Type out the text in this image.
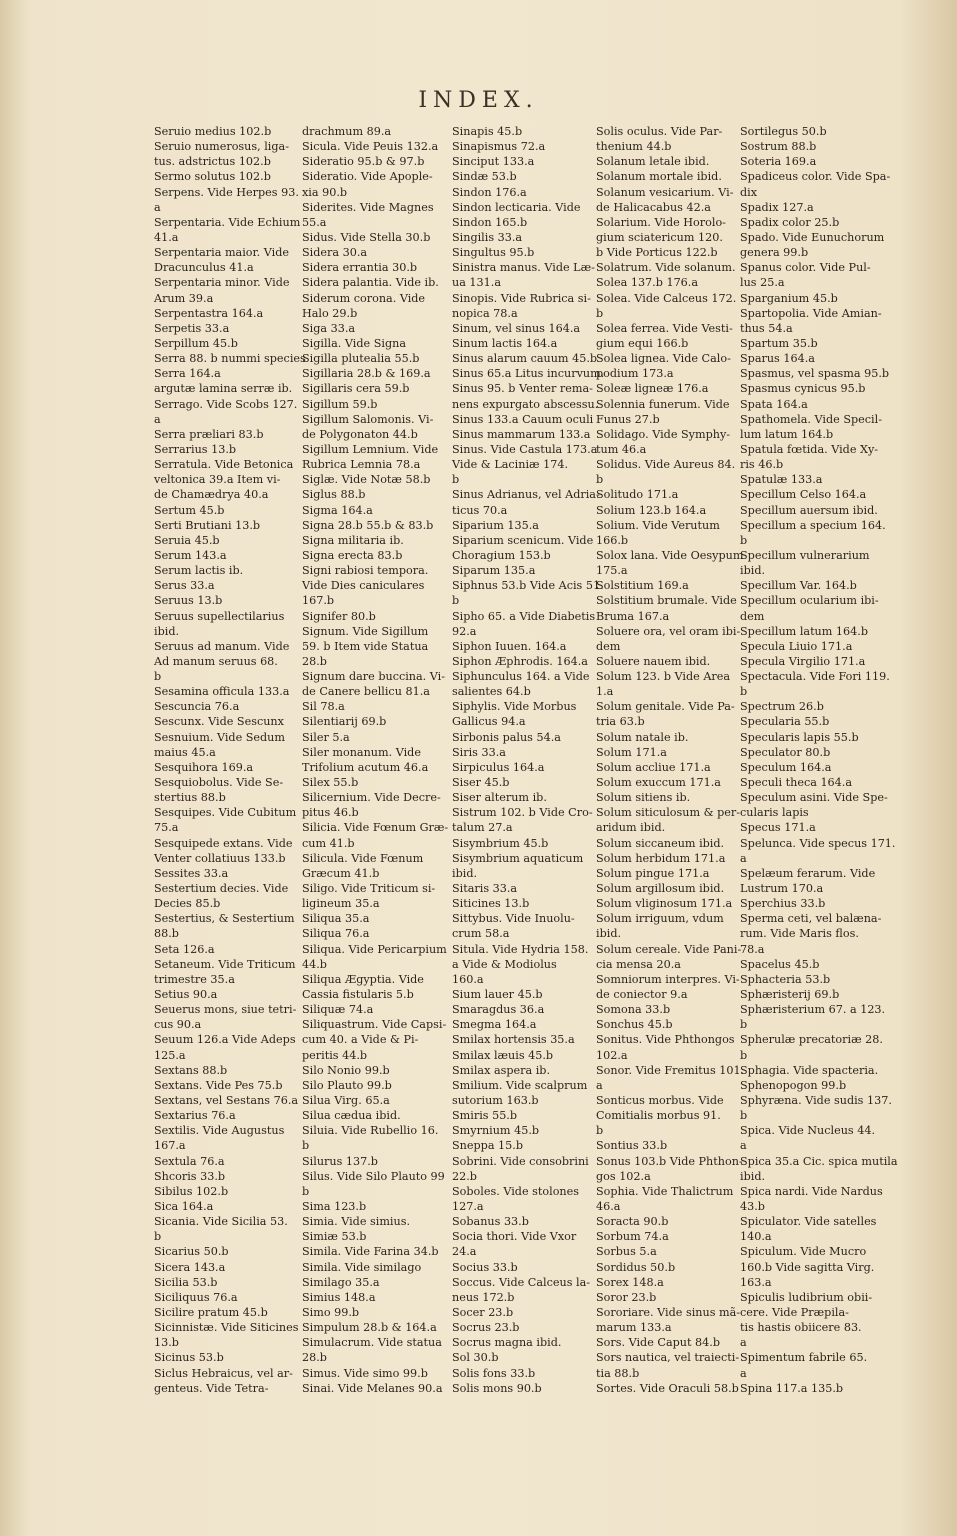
INDEX.
Seruio medius 102.b
Seruio numerosus, liga-
tus. adstrictus 102.b
Sermo solutus 102.b
Serpens. Vide Herpes 93.
a
Serpentaria. Vide Echium
41.a
Serpentaria maior. Vide
Dracunculus 41.a
Serpentaria minor. Vide
Arum 39.a
Serpentastra 164.a
Serpetis 33.a
Serpillum 45.b
Serra 88. b nummi species
Serra 164.a
argutæ lamina serræ ib.
Serrago. Vide Scobs 127.
a
Serra præliari 83.b
Serrarius 13.b
Serratula. Vide Betonica
veltonica 39.a Item vi-
de Chamædrya 40.a
Sertum 45.b
Serti Brutiani 13.b
Seruia 45.b
Serum 143.a
Serum lactis ib.
Serus 33.a
Seruus 13.b
Seruus supellectilarius
ibid.
Seruus ad manum. Vide
Ad manum seruus 68.
b
Sesamina officula 133.a
Sescuncia 76.a
Sescunx. Vide Sescunx
Sesnuium. Vide Sedum
maius 45.a
Sesquihora 169.a
Sesquiobolus. Vide Se-
stertius 88.b
Sesquipes. Vide Cubitum
75.a
Sesquipede extans. Vide
Venter collatiuus 133.b
Sessites 33.a
Sestertium decies. Vide
Decies 85.b
Sestertius, & Sestertium
88.b
Seta 126.a
Setaneum. Vide Triticum
trimestre 35.a
Setius 90.a
Seuerus mons, siue tetri-
cus 90.a
Seuum 126.a Vide Adeps
125.a
Sextans 88.b
Sextans. Vide Pes 75.b
Sextans, vel Sestans 76.a
Sextarius 76.a
Sextilis. Vide Augustus
167.a
Sextula 76.a
Shcoris 33.b
Sibilus 102.b
Sica 164.a
Sicania. Vide Sicilia 53.
b
Sicarius 50.b
Sicera 143.a
Sicilia 53.b
Siciliquus 76.a
Sicilire pratum 45.b
Sicinnistæ. Vide Siticines
13.b
Sicinus 53.b
Siclus Hebraicus, vel ar-
genteus. Vide Tetra-
drachmum 89.a
Sicula. Vide Peuis 132.a
Sideratio 95.b & 97.b
Sideratio. Vide Apople-
xia 90.b
Siderites. Vide Magnes
55.a
Sidus. Vide Stella 30.b
Sidera 30.a
Sidera errantia 30.b
Sidera palantia. Vide ib.
Siderum corona. Vide
Halo 29.b
Siga 33.a
Sigilla. Vide Signa
Sigilla plutealia 55.b
Sigillaria 28.b & 169.a
Sigillaris cera 59.b
Sigillum 59.b
Sigillum Salomonis. Vi-
de Polygonaton 44.b
Sigillum Lemnium. Vide
Rubrica Lemnia 78.a
Siglæ. Vide Notæ 58.b
Siglus 88.b
Sigma 164.a
Signa 28.b 55.b & 83.b
Signa militaria ib.
Signa erecta 83.b
Signi rabiosi tempora.
Vide Dies caniculares
167.b
Signifer 80.b
Signum. Vide Sigillum
59. b Item vide Statua
28.b
Signum dare buccina. Vi-
de Canere bellicu 81.a
Sil 78.a
Silentiarij 69.b
Siler 5.a
Siler monanum. Vide
Trifolium acutum 46.a
Silex 55.b
Silicernium. Vide Decre-
pitus 46.b
Silicia. Vide Fœnum Græ-
cum 41.b
Silicula. Vide Fœnum
Græcum 41.b
Siligo. Vide Triticum si-
ligineum 35.a
Siliqua 35.a
Siliqua 76.a
Siliqua. Vide Pericarpium
44.b
Siliqua Ægyptia. Vide
Cassia fistularis 5.b
Siliquæ 74.a
Siliquastrum. Vide Capsi-
cum 40. a Vide & Pi-
peritis 44.b
Silo Nonio 99.b
Silo Plauto 99.b
Silua Virg. 65.a
Silua cædua ibid.
Siluia. Vide Rubellio 16.
b
Silurus 137.b
Silus. Vide Silo Plauto 99
b
Sima 123.b
Simia. Vide simius.
Simiæ 53.b
Simila. Vide Farina 34.b
Simila. Vide similago
Similago 35.a
Simius 148.a
Simo 99.b
Simpulum 28.b & 164.a
Simulacrum. Vide statua
28.b
Simus. Vide simo 99.b
Sinai. Vide Melanes 90.a
Sinapis 45.b
Sinapismus 72.a
Sinciput 133.a
Sindæ 53.b
Sindon 176.a
Sindon lecticaria. Vide
Sindon 165.b
Singilis 33.a
Singultus 95.b
Sinistra manus. Vide Læ-
ua 131.a
Sinopis. Vide Rubrica si-
nopica 78.a
Sinum, vel sinus 164.a
Sinum lactis 164.a
Sinus alarum cauum 45.b
Sinus 65.a Litus incurvum.
Sinus 95. b Venter rema-
nens expurgato abscessu.
Sinus 133.a Cauum oculi
Sinus mammarum 133.a
Sinus. Vide Castula 173.a
Vide & Laciniæ 174.
b
Sinus Adrianus, vel Adria-
ticus 70.a
Siparium 135.a
Siparium scenicum. Vide
Choragium 153.b
Siparum 135.a
Siphnus 53.b Vide Acis 51.
b
Sipho 65. a Vide Diabetis
92.a
Siphon Iuuen. 164.a
Siphon Æphrodis. 164.a
Siphunculus 164. a Vide
salientes 64.b
Siphylis. Vide Morbus
Gallicus 94.a
Sirbonis palus 54.a
Siris 33.a
Sirpiculus 164.a
Siser 45.b
Siser alterum ib.
Sistrum 102. b Vide Cro-
talum 27.a
Sisymbrium 45.b
Sisymbrium aquaticum
ibid.
Sitaris 33.a
Siticines 13.b
Sittybus. Vide Inuolu-
crum 58.a
Situla. Vide Hydria 158.
a Vide & Modiolus
160.a
Sium lauer 45.b
Smaragdus 36.a
Smegma 164.a
Smilax hortensis 35.a
Smilax læuis 45.b
Smilax aspera ib.
Smilium. Vide scalprum
sutorium 163.b
Smiris 55.b
Smyrnium 45.b
Sneppa 15.b
Sobrini. Vide consobrini
22.b
Soboles. Vide stolones
127.a
Sobanus 33.b
Socia thori. Vide Vxor
24.a
Socius 33.b
Soccus. Vide Calceus la-
neus 172.b
Socer 23.b
Socrus 23.b
Socrus magna ibid.
Sol 30.b
Solis fons 33.b
Solis mons 90.b
Solis oculus. Vide Par-
thenium 44.b
Solanum letale ibid.
Solanum mortale ibid.
Solanum vesicarium. Vi-
de Halicacabus 42.a
Solarium. Vide Horolo-
gium sciatericum 120.
b Vide Porticus 122.b
Solatrum. Vide solanum.
Solea 137.b 176.a
Solea. Vide Calceus 172.
b
Solea ferrea. Vide Vesti-
gium equi 166.b
Solea lignea. Vide Calo-
podium 173.a
Soleæ ligneæ 176.a
Solennia funerum. Vide
Funus 27.b
Solidago. Vide Symphy-
tum 46.a
Solidus. Vide Aureus 84.
b
Solitudo 171.a
Solium 123.b 164.a
Solium. Vide Verutum
166.b
Solox lana. Vide Oesypum
175.a
Solstitium 169.a
Solstitium brumale. Vide
Bruma 167.a
Soluere ora, vel oram ibi-
dem
Soluere nauem ibid.
Solum 123. b Vide Area
1.a
Solum genitale. Vide Pa-
tria 63.b
Solum natale ib.
Solum 171.a
Solum accliue 171.a
Solum exuccum 171.a
Solum sitiens ib.
Solum siticulosum & per-
aridum ibid.
Solum siccaneum ibid.
Solum herbidum 171.a
Solum pingue 171.a
Solum argillosum ibid.
Solum vliginosum 171.a
Solum irriguum, vdum
ibid.
Solum cereale. Vide Pani-
cia mensa 20.a
Somniorum interpres. Vi-
de coniector 9.a
Somona 33.b
Sonchus 45.b
Sonitus. Vide Phthongos
102.a
Sonor. Vide Fremitus 101.
a
Sonticus morbus. Vide
Comitialis morbus 91.
b
Sontius 33.b
Sonus 103.b Vide Phthon-
gos 102.a
Sophia. Vide Thalictrum
46.a
Soracta 90.b
Sorbum 74.a
Sorbus 5.a
Sordidus 50.b
Sorex 148.a
Soror 23.b
Sororiare. Vide sinus mã-
marum 133.a
Sors. Vide Caput 84.b
Sors nautica, vel traiecti-
tia 88.b
Sortes. Vide Oraculi 58.b
Sortilegus 50.b
Sostrum 88.b
Soteria 169.a
Spadiceus color. Vide Spa-
dix
Spadix 127.a
Spadix color 25.b
Spado. Vide Eunuchorum
genera 99.b
Spanus color. Vide Pul-
lus 25.a
Sparganium 45.b
Spartopolia. Vide Amian-
thus 54.a
Spartum 35.b
Sparus 164.a
Spasmus, vel spasma 95.b
Spasmus cynicus 95.b
Spata 164.a
Spathomela. Vide Specil-
lum latum 164.b
Spatula fœtida. Vide Xy-
ris 46.b
Spatulæ 133.a
Specillum Celso 164.a
Specillum auersum ibid.
Specillum a specium 164.
b
Specillum vulnerarium
ibid.
Specillum Var. 164.b
Specillum ocularium ibi-
dem
Specillum latum 164.b
Specula Liuio 171.a
Specula Virgilio 171.a
Spectacula. Vide Fori 119.
b
Spectrum 26.b
Specularia 55.b
Specularis lapis 55.b
Speculator 80.b
Speculum 164.a
Speculi theca 164.a
Speculum asini. Vide Spe-
cularis lapis
Specus 171.a
Spelunca. Vide specus 171.
a
Spelæum ferarum. Vide
Lustrum 170.a
Sperchius 33.b
Sperma ceti, vel balæna-
rum. Vide Maris flos.
78.a
Spacelus 45.b
Sphacteria 53.b
Sphæristerij 69.b
Sphæristerium 67. a 123.
b
Spherulæ precatoriæ 28.
b
Sphagia. Vide spacteria.
Sphenopogon 99.b
Sphyræna. Vide sudis 137.
b
Spica. Vide Nucleus 44.
a
Spica 35.a Cic. spica mutila
ibid.
Spica nardi. Vide Nardus
43.b
Spiculator. Vide satelles
140.a
Spiculum. Vide Mucro
160.b Vide sagitta Virg.
163.a
Spiculis ludibrium obii-
cere. Vide Præpila-
tis hastis obiicere 83.
a
Spimentum fabrile 65.
a
Spina 117.a 135.b
